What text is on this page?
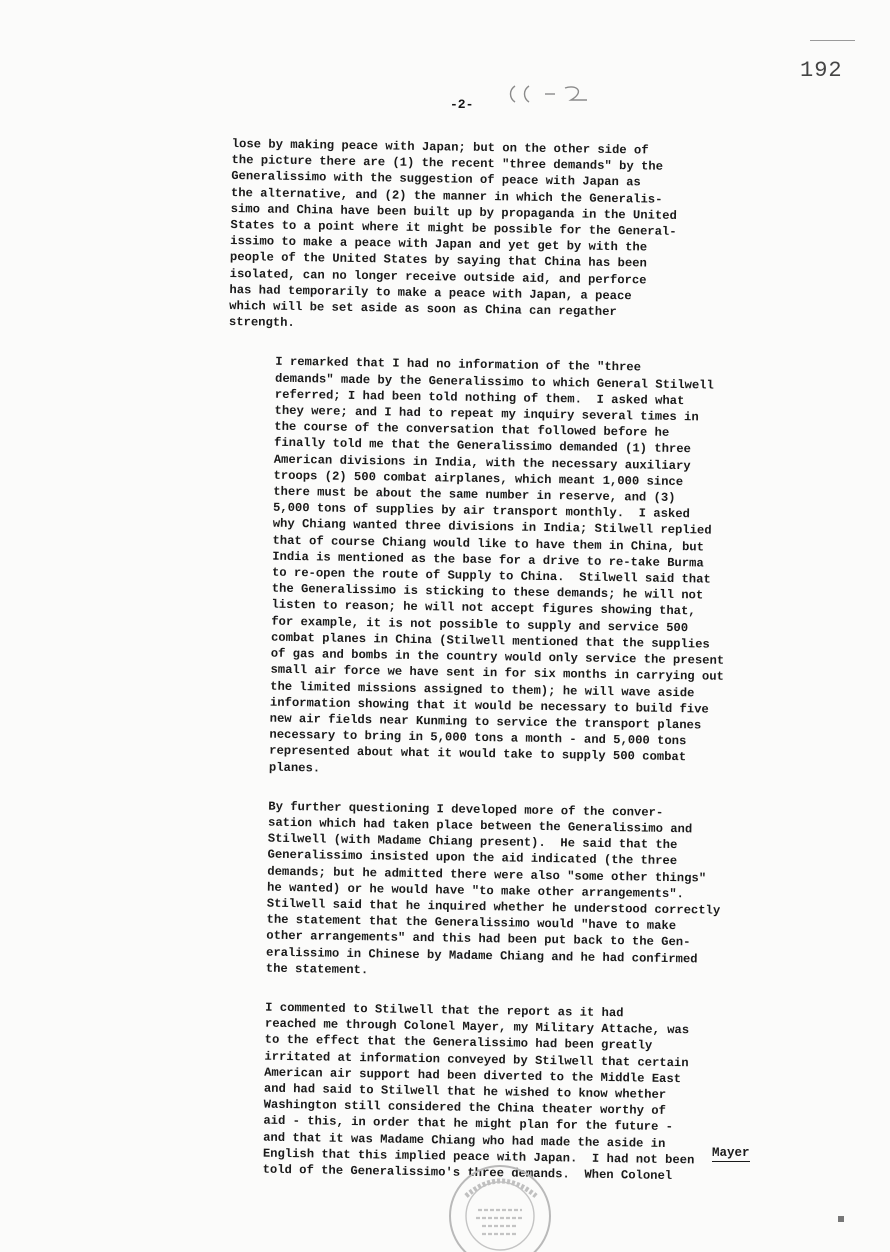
192
-2-
lose by making peace with Japan; but on the other side of
the picture there are (1) the recent "three demands" by the
Generalissimo with the suggestion of peace with Japan as
the alternative, and (2) the manner in which the Generalis-
simo and China have been built up by propaganda in the United
States to a point where it might be possible for the General-
issimo to make a peace with Japan and yet get by with the
people of the United States by saying that China has been
isolated, can no longer receive outside aid, and perforce
has had temporarily to make a peace with Japan, a peace
which will be set aside as soon as China can regather
strength.
I remarked that I had no information of the "three
demands" made by the Generalissimo to which General Stilwell
referred; I had been told nothing of them.  I asked what
they were; and I had to repeat my inquiry several times in
the course of the conversation that followed before he
finally told me that the Generalissimo demanded (1) three
American divisions in India, with the necessary auxiliary
troops (2) 500 combat airplanes, which meant 1,000 since
there must be about the same number in reserve, and (3)
5,000 tons of supplies by air transport monthly.  I asked
why Chiang wanted three divisions in India; Stilwell replied
that of course Chiang would like to have them in China, but
India is mentioned as the base for a drive to re-take Burma
to re-open the route of Supply to China.  Stilwell said that
the Generalissimo is sticking to these demands; he will not
listen to reason; he will not accept figures showing that,
for example, it is not possible to supply and service 500
combat planes in China (Stilwell mentioned that the supplies
of gas and bombs in the country would only service the present
small air force we have sent in for six months in carrying out
the limited missions assigned to them); he will wave aside
information showing that it would be necessary to build five
new air fields near Kunming to service the transport planes
necessary to bring in 5,000 tons a month - and 5,000 tons
represented about what it would take to supply 500 combat
planes.
By further questioning I developed more of the conver-
sation which had taken place between the Generalissimo and
Stilwell (with Madame Chiang present).  He said that the
Generalissimo insisted upon the aid indicated (the three
demands; but he admitted there were also "some other things"
he wanted) or he would have "to make other arrangements".
Stilwell said that he inquired whether he understood correctly
the statement that the Generalissimo would "have to make
other arrangements" and this had been put back to the Gen-
eralissimo in Chinese by Madame Chiang and he had confirmed
the statement.
I commented to Stilwell that the report as it had
reached me through Colonel Mayer, my Military Attache, was
to the effect that the Generalissimo had been greatly
irritated at information conveyed by Stilwell that certain
American air support had been diverted to the Middle East
and had said to Stilwell that he wished to know whether
Washington still considered the China theater worthy of
aid - this, in order that he might plan for the future -
and that it was Madame Chiang who had made the aside in
English that this implied peace with Japan.  I had not been
told of the Generalissimo's three demands.  When Colonel
Mayer
